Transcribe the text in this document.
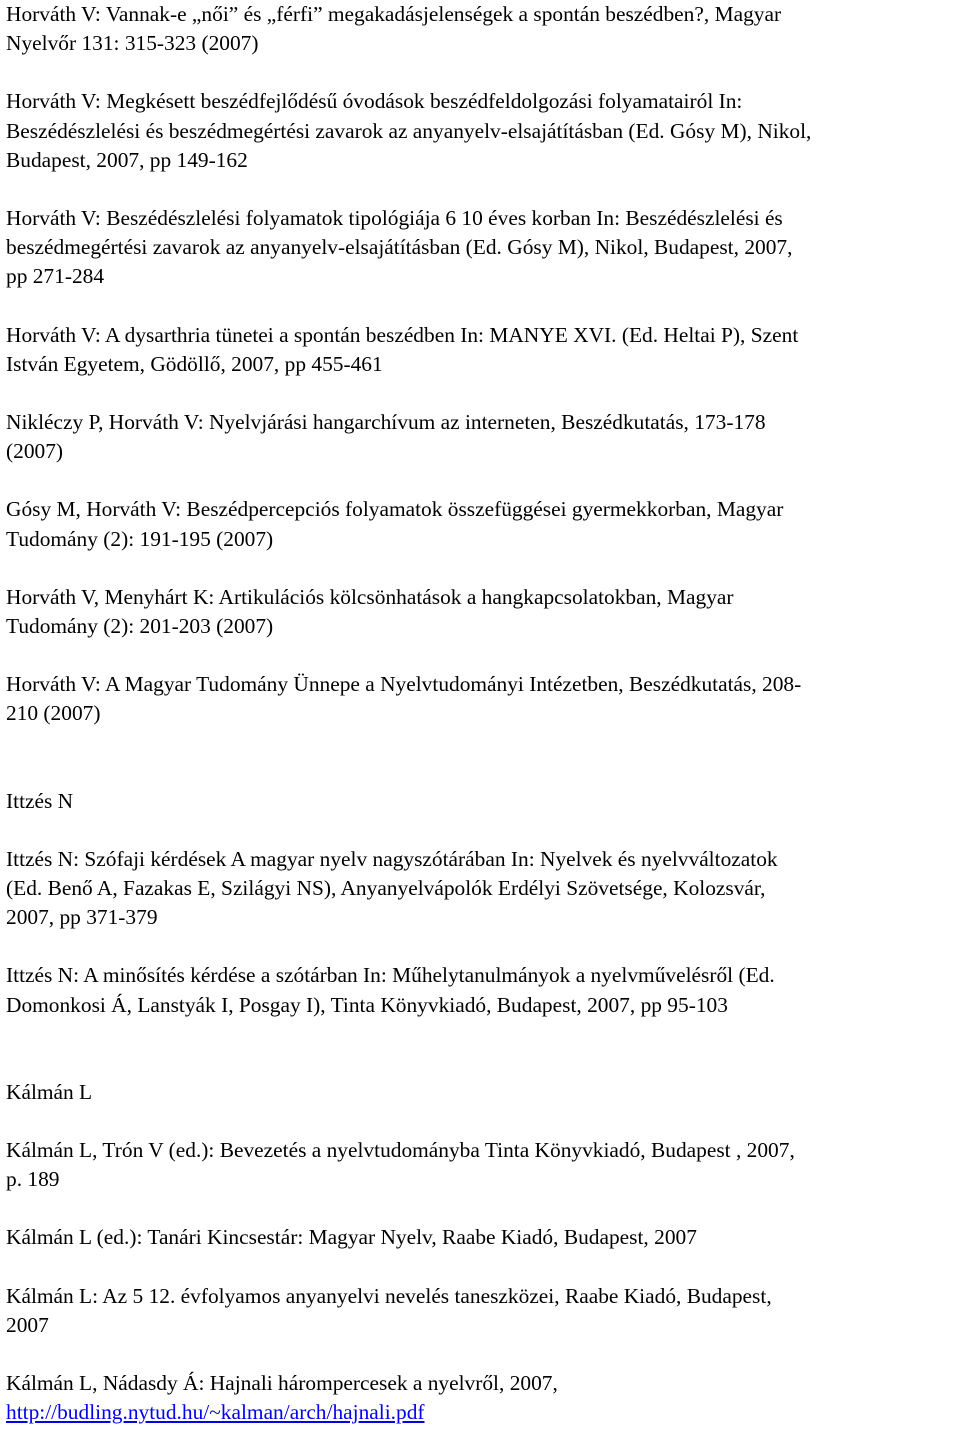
Horváth V: Vannak-e „női” és „férfi” megakadásjelenségek a spontán beszédben?, Magyar
Nyelvőr 131: 315-323 (2007)

Horváth V: Megkésett beszédfejlődésű óvodások beszédfeldolgozási folyamatairól In:
Beszédészlelési és beszédmegértési zavarok az anyanyelv-elsajátításban (Ed. Gósy M), Nikol,
Budapest, 2007, pp 149-162

Horváth V: Beszédészlelési folyamatok tipológiája 6 10 éves korban In: Beszédészlelési és
beszédmegértési zavarok az anyanyelv-elsajátításban (Ed. Gósy M), Nikol, Budapest, 2007,
pp 271-284

Horváth V: A dysarthria tünetei a spontán beszédben In: MANYE XVI. (Ed. Heltai P), Szent
István Egyetem, Gödöllő, 2007, pp 455-461

Nikléczy P, Horváth V: Nyelvjárási hangarchívum az interneten, Beszédkutatás, 173-178
(2007)

Gósy M, Horváth V: Beszédpercepciós folyamatok összefüggései gyermekkorban, Magyar
Tudomány (2): 191-195 (2007)

Horváth V, Menyhárt K: Artikulációs kölcsönhatások a hangkapcsolatokban, Magyar
Tudomány (2): 201-203 (2007)

Horváth V: A Magyar Tudomány Ünnepe a Nyelvtudományi Intézetben, Beszédkutatás, 208-
210 (2007)

Ittzés N

Ittzés N: Szófaji kérdések A magyar nyelv nagyszótárában In: Nyelvek és nyelvváltozatok
(Ed. Benő A, Fazakas E, Szilágyi NS), Anyanyelvápolók Erdélyi Szövetsége, Kolozsvár,
2007, pp 371-379

Ittzés N: A minősítés kérdése a szótárban In: Műhelytanulmányok a nyelvművelésről (Ed.
Domonkosi Á, Lanstyák I, Posgay I), Tinta Könyvkiadó, Budapest, 2007, pp 95-103

Kálmán L

Kálmán L, Trón V (ed.): Bevezetés a nyelvtudományba Tinta Könyvkiadó, Budapest , 2007,
p. 189

Kálmán L (ed.): Tanári Kincsestár: Magyar Nyelv, Raabe Kiadó, Budapest, 2007

Kálmán L: Az 5 12. évfolyamos anyanyelvi nevelés taneszközei, Raabe Kiadó, Budapest,
2007

Kálmán L, Nádasdy Á: Hajnali hárompercesek a nyelvről, 2007,

http://budling.nytud.hu/~kalman/arch/hajnali.pdf
